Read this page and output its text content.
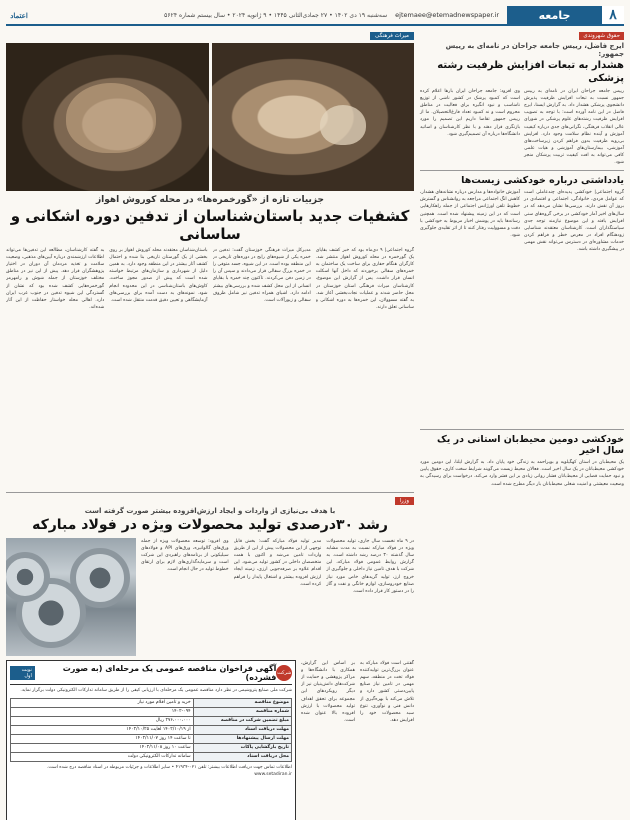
۸
جامعه
ejtemaee@etemadnewspaper.ir
سه‌شنبه ۱۹ دی ۱۴۰۲ • ۲۷ جمادی‌الثانی ۱۴۴۵ • ۹ ژانویه ۲۰۲۴ • سال بیستم شماره ۵۶۲۴
اعتماد
حقوق شهروندی
ایرج فاضل، رییس جامعه جراحان در نامه‌ای به رییس جمهور:
هشدار به تبعات افزایش ظرفیت رشته پزشکی
رییس جامعه جراحان ایران در نامه‌ای به رییس جمهور نسبت به تبعات افزایش ظرفیت پذیرش دانشجوی پزشکی هشدار داد. به گزارش ایسنا، ایرج فاضل در این نامه آورده است: با توجه به تصویب افزایش ظرفیت رشته‌های علوم پزشکی در شورای عالی انقلاب فرهنگی، نگرانی‌های جدی درباره کیفیت آموزش و آینده نظام سلامت وجود دارد. افزایش بی‌رویه ظرفیت بدون فراهم کردن زیرساخت‌های آموزشی، بیمارستان‌های آموزشی و هیات علمی کافی می‌تواند به افت کیفیت تربیت پزشکان منجر شود.
وی افزود: جامعه جراحان ایران بارها اعلام کرده است که کمبود پزشک در کشور ناشی از توزیع نامناسب و نبود انگیزه برای فعالیت در مناطق محروم است و نه کمبود تعداد فارغ‌التحصیلان. ما از رییس جمهور تقاضا داریم این تصمیم را مورد بازنگری قرار دهند و با نظر کارشناسان و اساتید دانشگاه‌ها درباره آن تصمیم‌گیری شود.
یادداشتی درباره خودکشی زیست‌ها
گروه اجتماعی| خودکشی پدیده‌ای چندعاملی است که عوامل فردی، خانوادگی، اجتماعی و اقتصادی در بروز آن نقش دارند. بررسی‌ها نشان می‌دهد که در سال‌های اخیر آمار خودکشی در برخی گروه‌های سنی افزایش یافته و این موضوع نیازمند توجه جدی سیاستگذاران است. کارشناسان معتقدند شناسایی زودهنگام افراد در معرض خطر و فراهم کردن خدمات مشاوره‌ای در دسترس می‌تواند نقش مهمی در پیشگیری داشته باشد.
آموزش خانواده‌ها و مدارس درباره نشانه‌های هشدار، کاهش انگ اجتماعی مراجعه به روانشناس و گسترش خطوط تلفن اورژانس اجتماعی از جمله راهکارهایی است که در این زمینه پیشنهاد شده است. همچنین رسانه‌ها باید در پوشش اخبار مربوط به خودکشی با دقت و مسوولیت رفتار کنند تا از اثر تقلیدی جلوگیری شود.
خودکشی دومین محیط‌بان استانی در یک سال اخیر
یک محیط‌بان در استان کهگیلویه و بویراحمد به زندگی خود پایان داد. به گزارش ایلنا، این دومین مورد خودکشی محیط‌بانان در یک سال اخیر است. فعالان محیط زیست می‌گویند شرایط سخت کاری، حقوق پایین و نبود حمایت قضایی از محیط‌بانان فشار روانی زیادی بر این قشر وارد می‌کند. درخواست برای رسیدگی به وضعیت معیشتی و امنیت شغلی محیط‌بانان بار دیگر مطرح شده است.
میراث فرهنگی
جزییات تازه از «گورخمره‌ها» در محله کوروش اهواز
کشفیات جدید باستان‌شناسان از تدفین دوره اشکانی و ساسانی
گروه اجتماعی| ۹ دی‌ماه بود که خبر کشف بقایای یک گورخمره در محله کوروش اهواز منتشر شد. کارگران هنگام حفاری برای ساخت یک ساختمان به خمره‌های سفالی برخوردند که داخل آنها اسکلت انسان قرار داشت. پس از گزارش این موضوع، کارشناسان میراث فرهنگی استان خوزستان در محل حاضر شدند و عملیات نجات‌بخشی آغاز شد. به گفته مسوولان، این خمره‌ها به دوره اشکانی و ساسانی تعلق دارند.
مدیرکل میراث فرهنگی خوزستان گفت: تدفین در خمره یکی از شیوه‌های رایج در دوره‌های تاریخی در این منطقه بوده است. در این شیوه، جسد متوفی را در خمره بزرگ سفالی قرار می‌دادند و سپس آن را در زمین دفن می‌کردند. تاکنون چند خمره با بقایای انسانی از این محل کشف شده و بررسی‌های بیشتر ادامه دارد. اشیای همراه تدفین نیز شامل ظروف سفالی و زیورآلات است.
باستان‌شناسان معتقدند محله کوروش اهواز بر روی بخشی از یک گورستان تاریخی بنا شده و احتمال کشف آثار بیشتر در این منطقه وجود دارد. به همین دلیل از شهرداری و سازمان‌های مرتبط خواسته شده است که پیش از صدور مجوز ساخت، کاوش‌های باستان‌شناسی در این محدوده انجام شود. نمونه‌های به دست آمده برای بررسی‌های آزمایشگاهی و تعیین دقیق قدمت منتقل شده است.
به گفته کارشناسان، مطالعه این تدفین‌ها می‌تواند اطلاعات ارزشمندی درباره آیین‌های مذهبی، وضعیت سلامت و تغذیه مردمان آن دوران در اختیار پژوهشگران قرار دهد. پیش از این نیز در مناطق مختلف خوزستان از جمله شوش و رامهرمز گورخمره‌هایی کشف شده بود که نشان از گستردگی این شیوه تدفین در جنوب غرب ایران دارد. اهالی محله خواستار حفاظت از این آثار شده‌اند.
وزرا
با هدف بی‌نیازی از واردات و ایجاد ارزش‌افزوده بیشتر صورت گرفته است
رشد ۳۰درصدی تولید محصولات ویژه در فولاد مبارکه
در ۹ ماه نخست سال جاری، تولید محصولات ویژه در فولاد مبارکه نسبت به مدت مشابه سال گذشته ۳۰ درصد رشد داشته است. به گزارش روابط عمومی فولاد مبارکه، این شرکت با هدف تامین نیاز داخلی و جلوگیری از خروج ارز، تولید گریدهای خاص مورد نیاز صنایع خودروسازی، لوازم خانگی و نفت و گاز را در دستور کار قرار داده است.
مدیر تولید فولاد مبارکه گفت: بخش قابل توجهی از این محصولات پیش از این از طریق واردات تامین می‌شد و اکنون با همت متخصصان داخلی در کشور تولید می‌شود. این اقدام علاوه بر صرفه‌جویی ارزی، زمینه ایجاد ارزش افزوده بیشتر و اشتغال پایدار را فراهم کرده است.
وی افزود: توسعه محصولات ویژه از جمله ورق‌های گالوانیزه، ورق‌های API و فولادهای سیلیکونی از برنامه‌های راهبردی این شرکت است و سرمایه‌گذاری‌های لازم برای ارتقای خطوط تولید در حال انجام است.
گفتنی است فولاد مبارکه به عنوان بزرگ‌ترین تولیدکننده فولاد تخت در منطقه، سهم مهمی در تامین نیاز صنایع پایین‌دستی کشور دارد و تلاش می‌کند با بهره‌گیری از دانش فنی و نوآوری، تنوع سبد محصولات خود را افزایش دهد.
بر اساس این گزارش، همکاری با دانشگاه‌ها و مراکز پژوهشی و حمایت از شرکت‌های دانش‌بنیان نیز از دیگر رویکردهای این مجموعه برای تحقق اهداف تولید محصولات با ارزش افزوده بالا عنوان شده است.
شرکت
آگهی فراخوان مناقصه عمومی یک مرحله‌ای (به صورت فشرده)
نوبت اول
شرکت ملی صنایع پتروشیمی در نظر دارد مناقصه عمومی یک مرحله‌ای با ارزیابی کیفی را از طریق سامانه تدارکات الکترونیکی دولت برگزار نماید.
موضوع مناقصه	خرید و تامین اقلام مورد نیاز
شماره مناقصه	۱۴۰۲-۰۹۴
مبلغ تضمین شرکت در مناقصه	۲۷۶،۰۰۰،۰۰۰ ریال
مهلت دریافت اسناد	از ۱۴۰۲/۱۰/۱۹ لغایت ۱۴۰۲/۱۰/۲۵
مهلت ارسال پیشنهادها	تا ساعت ۱۴ روز ۱۴۰۲/۱۱/۰۷
تاریخ بازگشایی پاکات	ساعت ۱۰ روز ۱۴۰۲/۱۱/۰۸
محل دریافت اسناد	سامانه تدارکات الکترونیکی دولت
اطلاعات تماس جهت دریافت اطلاعات بیشتر: تلفن ۰۲۱-۴۱۹۳۴ • سایر اطلاعات و جزئیات مربوطه در اسناد مناقصه درج شده است. www.setadiran.ir
